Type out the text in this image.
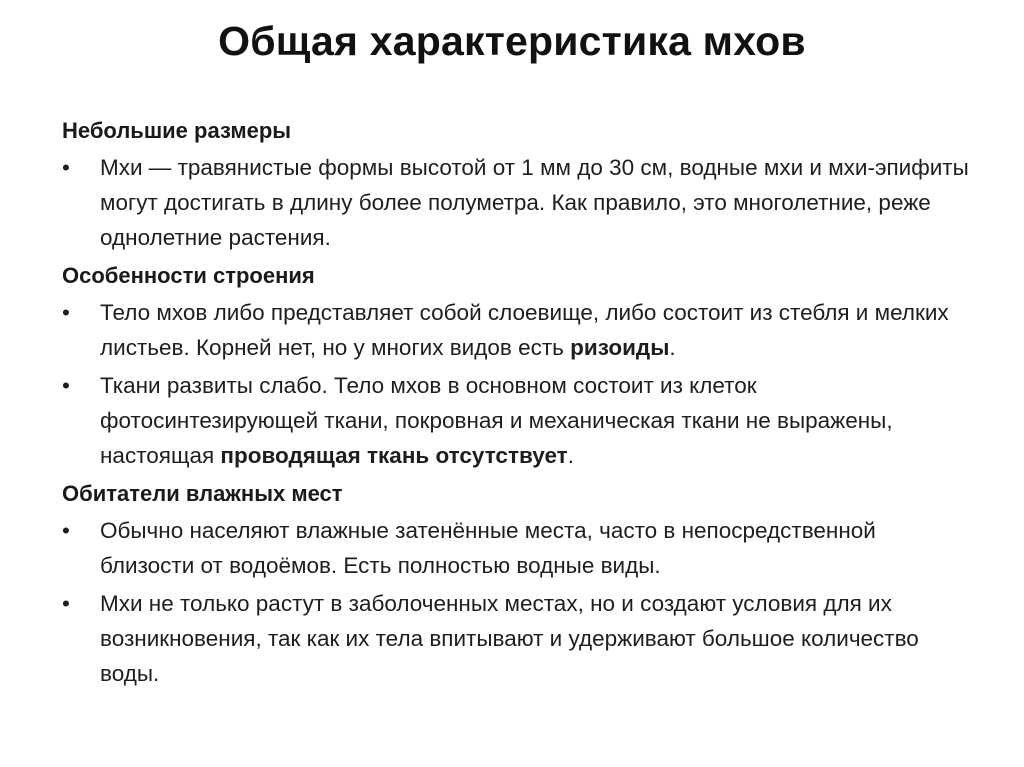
Общая характеристика мхов
Небольшие размеры
•	Мхи — травянистые формы высотой от 1 мм до 30 см, водные мхи и мхи-эпифиты могут достигать в длину более полуметра. Как правило, это многолетние, реже однолетние растения.
Особенности строения
•	Тело мхов либо представляет собой слоевище, либо состоит из стебля и мелких листьев. Корней нет, но у многих видов есть ризоиды.
•	Ткани развиты слабо. Тело мхов в основном состоит из клеток фотосинтезирующей ткани, покровная и механическая ткани не выражены, настоящая проводящая ткань отсутствует.
Обитатели влажных мест
•	Обычно населяют влажные затенённые места, часто в непосредственной близости от водоёмов. Есть полностью водные виды.
•	Мхи не только растут в заболоченных местах, но и создают условия для их возникновения, так как их тела впитывают и удерживают большое количество воды.
